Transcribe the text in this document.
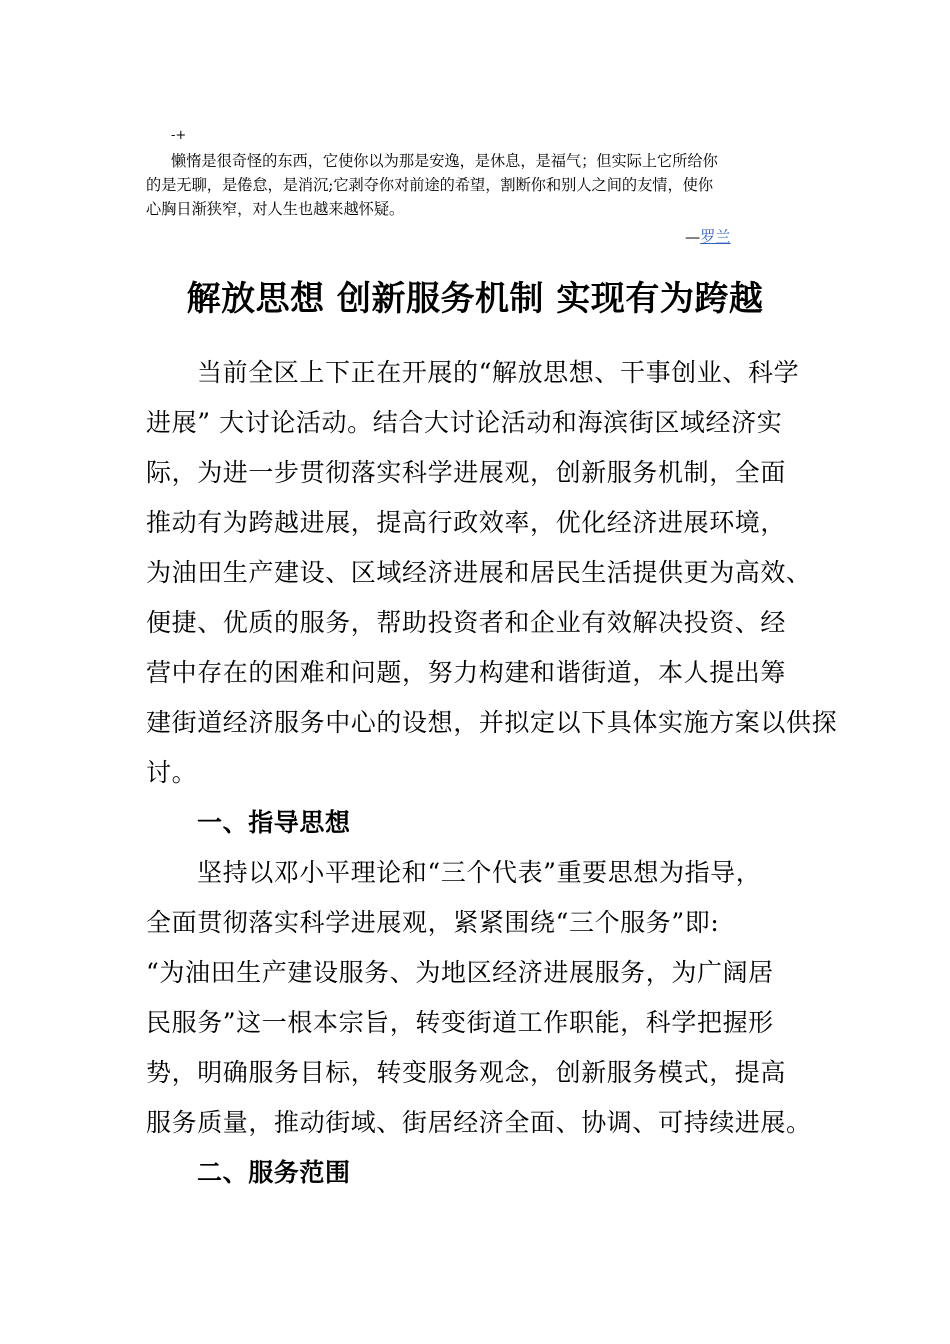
-+
懒惰是很奇怪的东西，它使你以为那是安逸，是休息，是福气；但实际上它所给你
的是无聊，是倦怠，是消沉;它剥夺你对前途的希望，割断你和别人之间的友情，使你
心胸日渐狭窄，对人生也越来越怀疑。
—罗兰
解放思想 创新服务机制 实现有为跨越
当前全区上下正在开展的“解放思想、干事创业、科学
进展” 大讨论活动。结合大讨论活动和海滨街区域经济实
际，为进一步贯彻落实科学进展观，创新服务机制，全面
推动有为跨越进展，提高行政效率，优化经济进展环境，
为油田生产建设、区域经济进展和居民生活提供更为高效、
便捷、优质的服务，帮助投资者和企业有效解决投资、经
营中存在的困难和问题，努力构建和谐街道，本人提出筹
建街道经济服务中心的设想，并拟定以下具体实施方案以供探
讨。
一、指导思想
坚持以邓小平理论和“三个代表”重要思想为指导，
全面贯彻落实科学进展观，紧紧围绕“三个服务”即:
“为油田生产建设服务、为地区经济进展服务，为广阔居
民服务”这一根本宗旨，转变街道工作职能，科学把握形
势，明确服务目标，转变服务观念，创新服务模式，提高
服务质量，推动街域、街居经济全面、协调、可持续进展。
二、服务范围
